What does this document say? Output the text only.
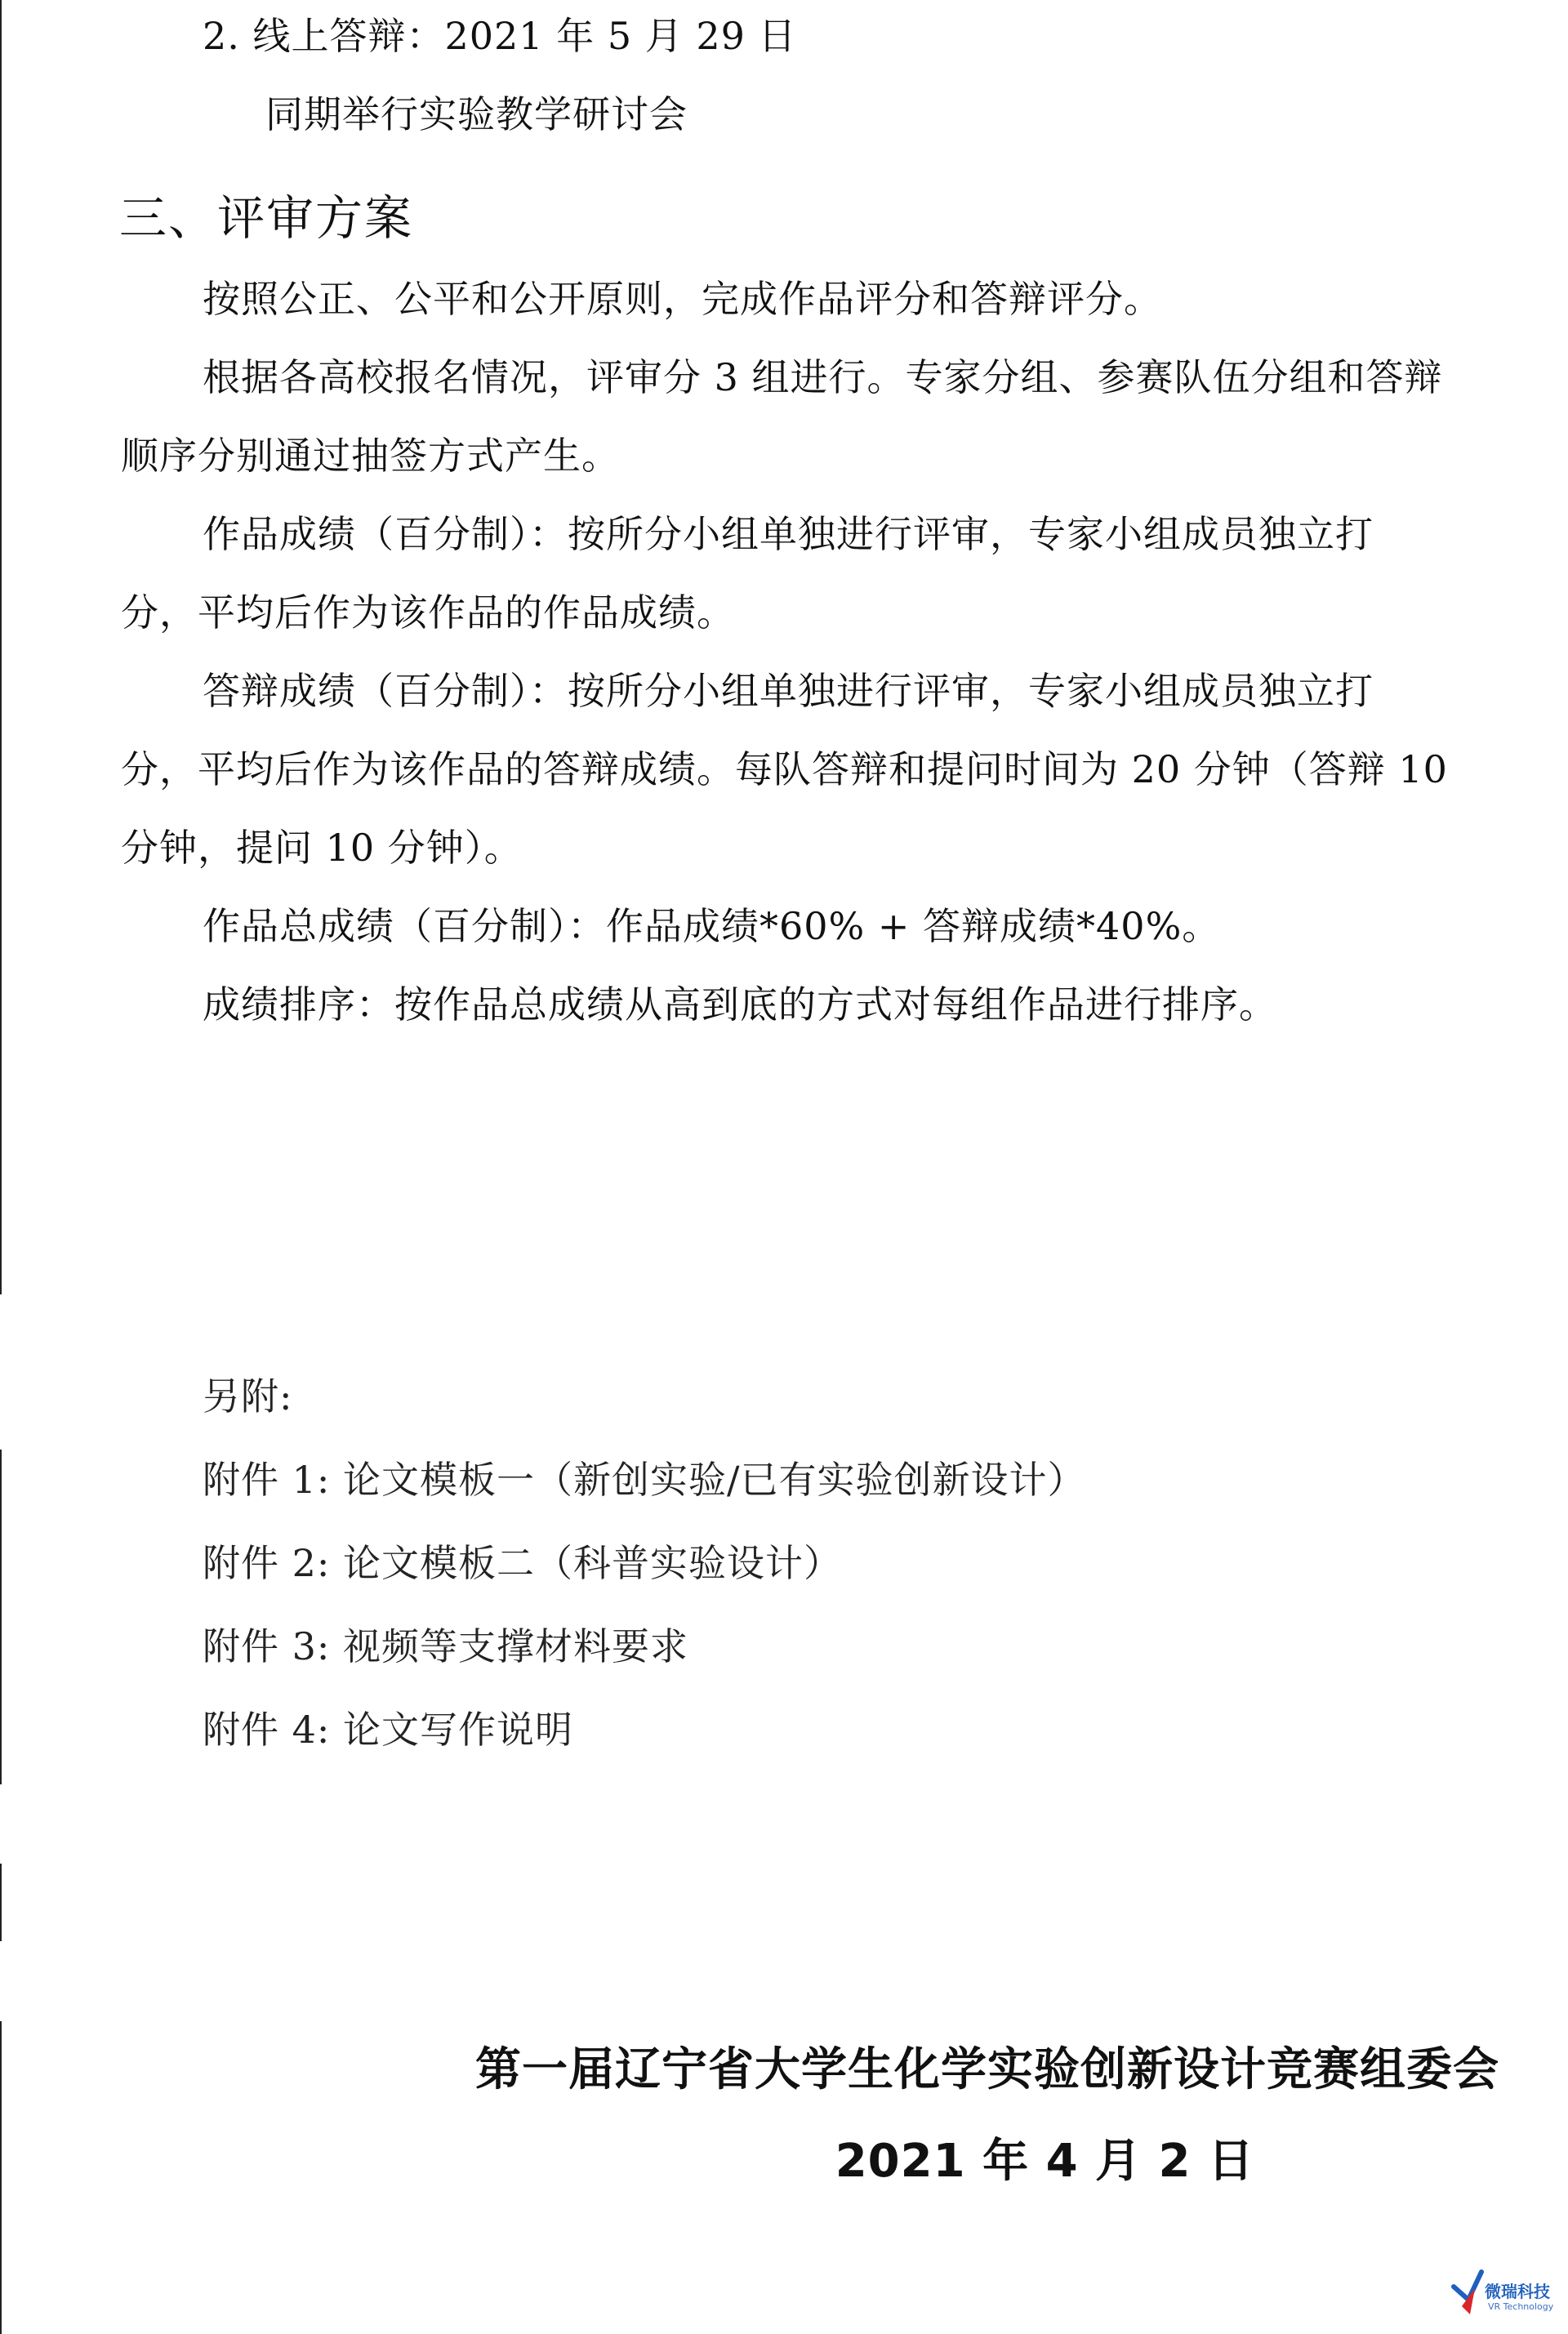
2. 线上答辩：2021 年 5 月 29 日
同期举行实验教学研讨会
三、评审方案
按照公正、公平和公开原则，完成作品评分和答辩评分。
根据各高校报名情况，评审分 3 组进行。专家分组、参赛队伍分组和答辩
顺序分别通过抽签方式产生。
作品成绩（百分制）：按所分小组单独进行评审，专家小组成员独立打
分，平均后作为该作品的作品成绩。
答辩成绩（百分制）：按所分小组单独进行评审，专家小组成员独立打
分，平均后作为该作品的答辩成绩。每队答辩和提问时间为 20 分钟（答辩 10
分钟，提问 10 分钟）。
作品总成绩（百分制）：作品成绩*60% + 答辩成绩*40%。
成绩排序：按作品总成绩从高到底的方式对每组作品进行排序。
另附:
附件 1: 论文模板一（新创实验/已有实验创新设计）
附件 2: 论文模板二（科普实验设计）
附件 3: 视频等支撑材料要求
附件 4: 论文写作说明
第一届辽宁省大学生化学实验创新设计竞赛组委会
2021 年 4 月 2 日
微瑞科技
VR Technology
